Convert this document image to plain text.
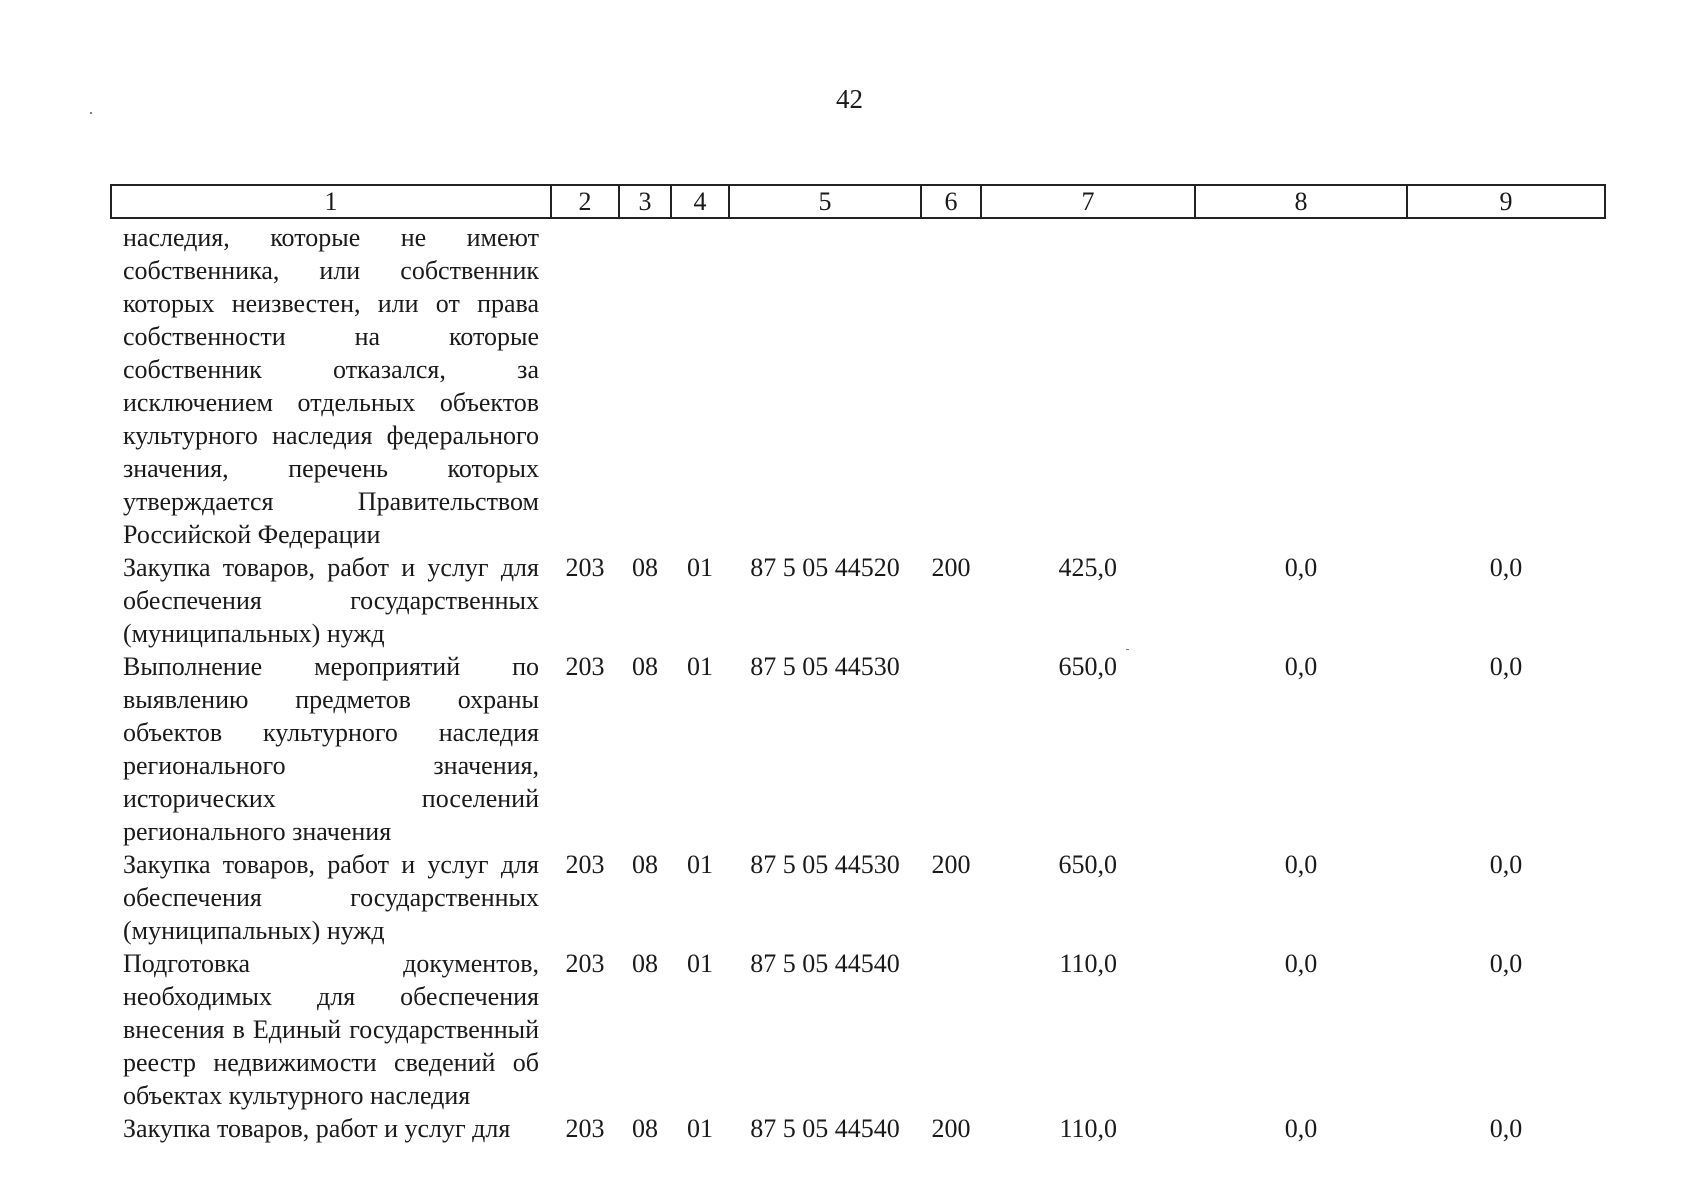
42
1	2	3	4	5	6	7	8	9
наследия, которые не имеют собственника, или собственник которых неизвестен, или от права собственности на которые собственник отказался, за исключением отдельных объектов культурного наследия федерального значения, перечень которых утверждается Правительством Российской Федерации								
Закупка товаров, работ и услуг для обеспечения государственных (муниципальных) нужд	203	08	01	87 5 05 44520	200	425,0	0,0	0,0
Выполнение мероприятий по выявлению предметов охраны объектов культурного наследия регионального значения, исторических поселений регионального значения	203	08	01	87 5 05 44530		650,0	0,0	0,0
Закупка товаров, работ и услуг для обеспечения государственных (муниципальных) нужд	203	08	01	87 5 05 44530	200	650,0	0,0	0,0
Подготовка документов, необходимых для обеспечения внесения в Единый государственный реестр недвижимости сведений об объектах культурного наследия	203	08	01	87 5 05 44540		110,0	0,0	0,0
Закупка товаров, работ и услуг для	203	08	01	87 5 05 44540	200	110,0	0,0	0,0
